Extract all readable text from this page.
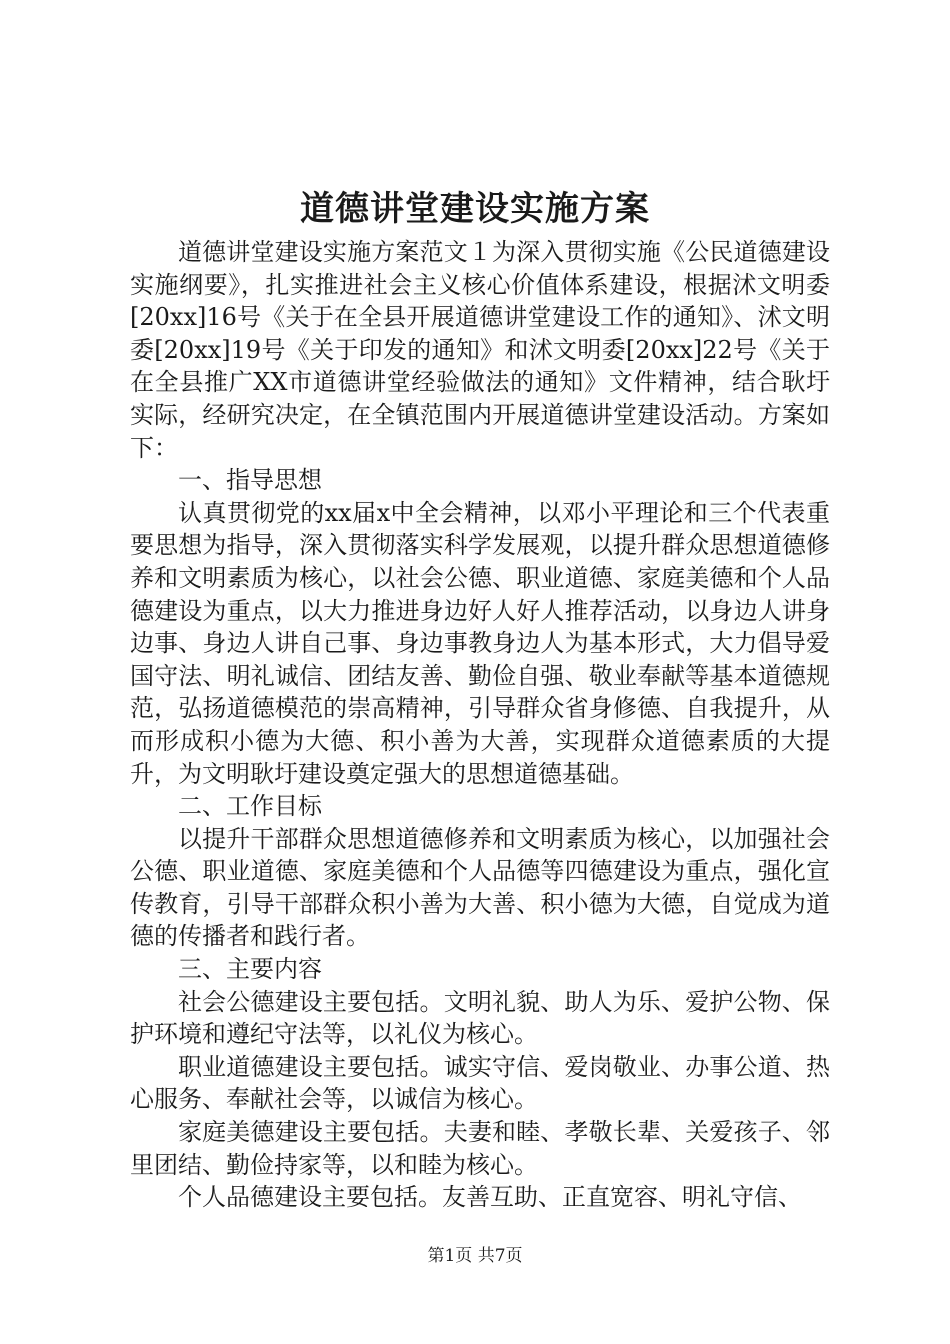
道德讲堂建设实施方案

道德讲堂建设实施方案范文１为深入贯彻实施《公民道德建设实施纲要》，扎实推进社会主义核心价值体系建设，根据沭文明委[20xx]16号《关于在全县开展道德讲堂建设工作的通知》、沭文明委[20xx]19号《关于印发的通知》和沭文明委[20xx]22号《关于在全县推广XX市道德讲堂经验做法的通知》文件精神，结合耿圩实际，经研究决定，在全镇范围内开展道德讲堂建设活动。方案如下：

一、指导思想

认真贯彻党的xx届x中全会精神，以邓小平理论和三个代表重要思想为指导，深入贯彻落实科学发展观，以提升群众思想道德修养和文明素质为核心，以社会公德、职业道德、家庭美德和个人品德建设为重点，以大力推进身边好人好人推荐活动，以身边人讲身边事、身边人讲自己事、身边事教身边人为基本形式，大力倡导爱国守法、明礼诚信、团结友善、勤俭自强、敬业奉献等基本道德规范，弘扬道德模范的崇高精神，引导群众省身修德、自我提升，从而形成积小德为大德、积小善为大善，实现群众道德素质的大提升，为文明耿圩建设奠定强大的思想道德基础。

二、工作目标

以提升干部群众思想道德修养和文明素质为核心，以加强社会公德、职业道德、家庭美德和个人品德等四德建设为重点，强化宣传教育，引导干部群众积小善为大善、积小德为大德，自觉成为道德的传播者和践行者。

三、主要内容

社会公德建设主要包括。文明礼貌、助人为乐、爱护公物、保护环境和遵纪守法等，以礼仪为核心。

职业道德建设主要包括。诚实守信、爱岗敬业、办事公道、热心服务、奉献社会等，以诚信为核心。

家庭美德建设主要包括。夫妻和睦、孝敬长辈、关爱孩子、邻里团结、勤俭持家等，以和睦为核心。

个人品德建设主要包括。友善互助、正直宽容、明礼守信、

第1页 共7页
